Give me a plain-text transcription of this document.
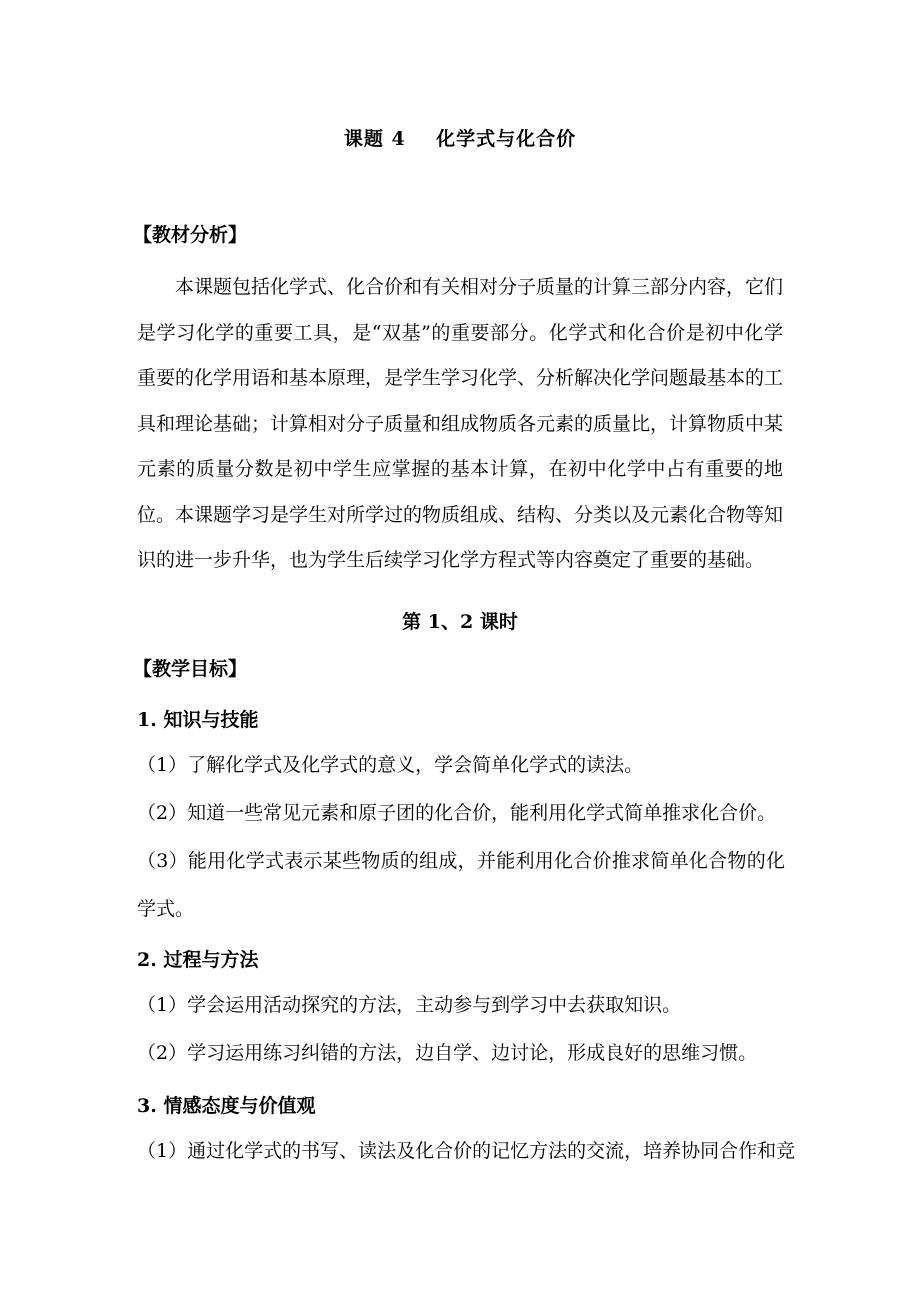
课题 4    化学式与化合价
【教材分析】
本课题包括化学式、化合价和有关相对分子质量的计算三部分内容，它们是学习化学的重要工具，是“双基”的重要部分。化学式和化合价是初中化学重要的化学用语和基本原理，是学生学习化学、分析解决化学问题最基本的工具和理论基础；计算相对分子质量和组成物质各元素的质量比，计算物质中某元素的质量分数是初中学生应掌握的基本计算，在初中化学中占有重要的地位。本课题学习是学生对所学过的物质组成、结构、分类以及元素化合物等知识的进一步升华，也为学生后续学习化学方程式等内容奠定了重要的基础。
第 1、2 课时
【教学目标】
1. 知识与技能
（1）了解化学式及化学式的意义，学会简单化学式的读法。
（2）知道一些常见元素和原子团的化合价，能利用化学式简单推求化合价。
（3）能用化学式表示某些物质的组成，并能利用化合价推求简单化合物的化学式。
2. 过程与方法
（1）学会运用活动探究的方法，主动参与到学习中去获取知识。
（2）学习运用练习纠错的方法，边自学、边讨论，形成良好的思维习惯。
3. 情感态度与价值观
（1）通过化学式的书写、读法及化合价的记忆方法的交流，培养协同合作和竞
